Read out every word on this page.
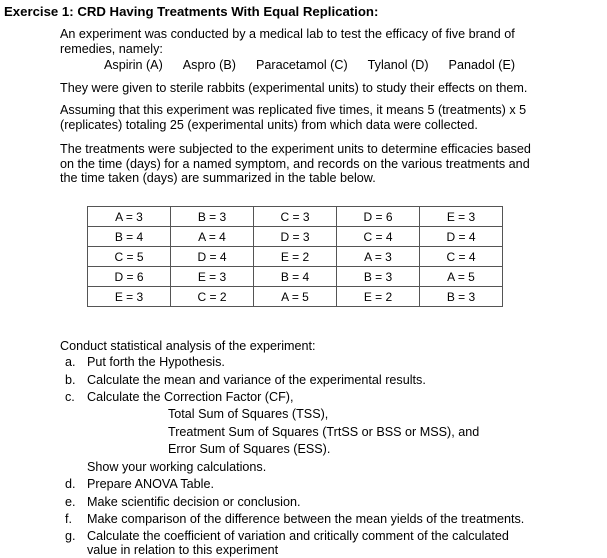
Exercise 1: CRD Having Treatments With Equal Replication:
An experiment was conducted by a medical lab to test the efficacy of five brand of
remedies, namely:
Aspirin (A) Aspro (B) Paracetamol (C) Tylanol (D) Panadol (E)
They were given to sterile rabbits (experimental units) to study their effects on them.
Assuming that this experiment was replicated five times, it means 5 (treatments) x 5
(replicates) totaling 25 (experimental units) from which data were collected.
The treatments were subjected to the experiment units to determine efficacies based
on the time (days) for a named symptom, and records on the various treatments and
the time taken (days) are summarized in the table below.
A = 3	B = 3	C = 3	D = 6	E = 3
B = 4	A = 4	D = 3	C = 4	D = 4
C = 5	D = 4	E = 2	A = 3	C = 4
D = 6	E = 3	B = 4	B = 3	A = 5
E = 3	C = 2	A = 5	E = 2	B = 3
Conduct statistical analysis of the experiment:
a. Put forth the Hypothesis.
b. Calculate the mean and variance of the experimental results.
c. Calculate the Correction Factor (CF),
Total Sum of Squares (TSS),
Treatment Sum of Squares (TrtSS or BSS or MSS), and
Error Sum of Squares (ESS).
Show your working calculations.
d. Prepare ANOVA Table.
e. Make scientific decision or conclusion.
f. Make comparison of the difference between the mean yields of the treatments.
g. Calculate the coefficient of variation and critically comment of the calculated
value in relation to this experiment
